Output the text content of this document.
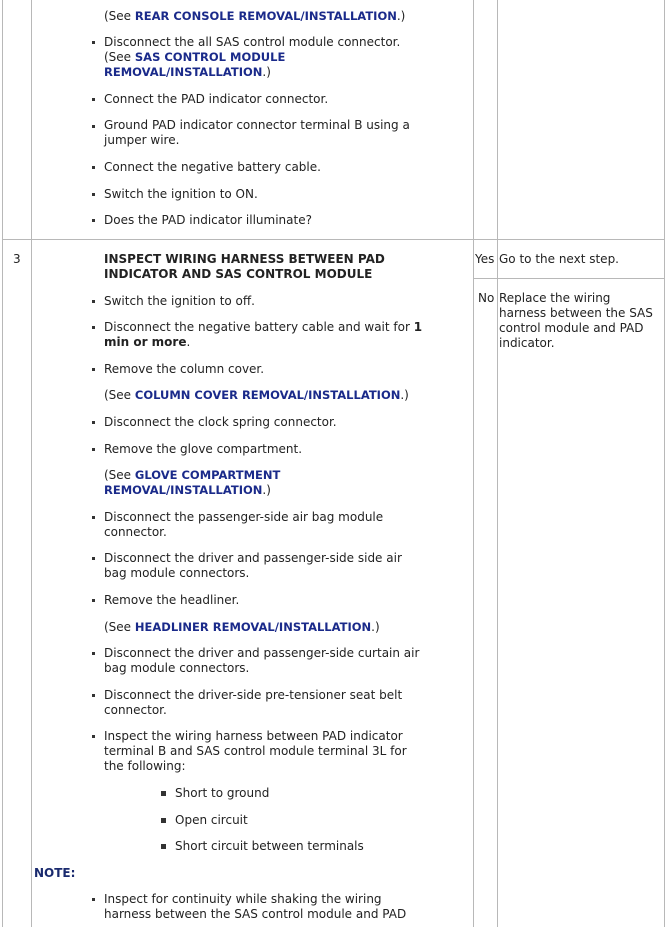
(See REAR CONSOLE REMOVAL/INSTALLATION.)
Disconnect the all SAS control module connector.
(See SAS CONTROL MODULE
REMOVAL/INSTALLATION.)
Connect the PAD indicator connector.
Ground PAD indicator connector terminal B using a
jumper wire.
Connect the negative battery cable.
Switch the ignition to ON.
Does the PAD indicator illuminate?
3	INSPECT WIRING HARNESS BETWEEN PAD
INDICATOR AND SAS CONTROL MODULE
Yes Go to the next step.
No Replace the wiring
harness between the SAS
control module and PAD
indicator.
Switch the ignition to off.
Disconnect the negative battery cable and wait for 1
min or more.
Remove the column cover.
(See COLUMN COVER REMOVAL/INSTALLATION.)
Disconnect the clock spring connector.
Remove the glove compartment.
(See GLOVE COMPARTMENT
REMOVAL/INSTALLATION.)
Disconnect the passenger-side air bag module
connector.
Disconnect the driver and passenger-side side air
bag module connectors.
Remove the headliner.
(See HEADLINER REMOVAL/INSTALLATION.)
Disconnect the driver and passenger-side curtain air
bag module connectors.
Disconnect the driver-side pre-tensioner seat belt
connector.
Inspect the wiring harness between PAD indicator
terminal B and SAS control module terminal 3L for
the following:
Short to ground
Open circuit
Short circuit between terminals
NOTE:
Inspect for continuity while shaking the wiring
harness between the SAS control module and PAD
